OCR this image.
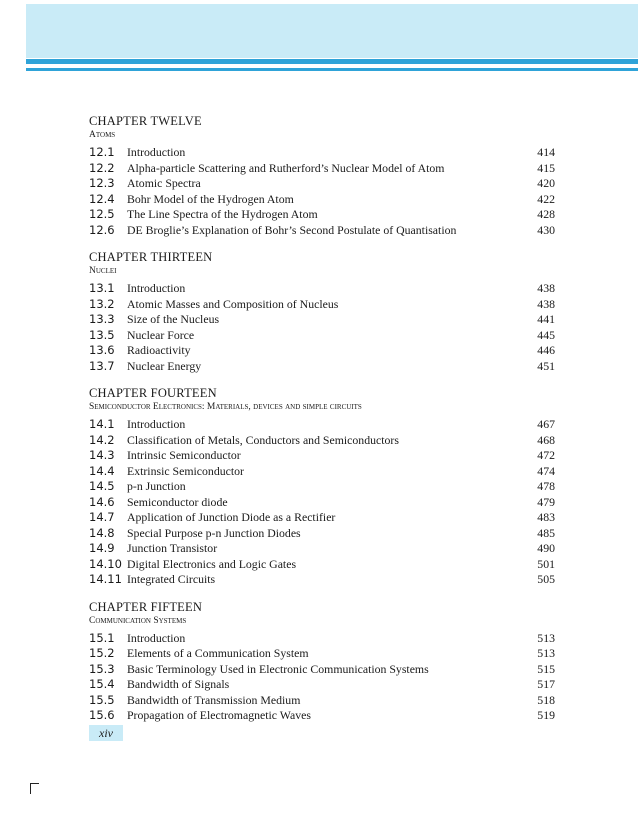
CHAPTER TWELVE
Atoms
12.1	Introduction	414
12.2	Alpha-particle Scattering and Rutherford’s Nuclear Model of Atom	415
12.3	Atomic Spectra	420
12.4	Bohr Model of the Hydrogen Atom	422
12.5	The Line Spectra of the Hydrogen Atom	428
12.6	DE Broglie’s Explanation of Bohr’s Second Postulate of Quantisation	430
CHAPTER THIRTEEN
Nuclei
13.1	Introduction	438
13.2	Atomic Masses and Composition of Nucleus	438
13.3	Size of the Nucleus	441
13.5	Nuclear Force	445
13.6	Radioactivity	446
13.7	Nuclear Energy	451
CHAPTER FOURTEEN
Semiconductor Electronics: Materials, devices and simple circuits
14.1	Introduction	467
14.2	Classification of Metals, Conductors and Semiconductors	468
14.3	Intrinsic Semiconductor	472
14.4	Extrinsic Semiconductor	474
14.5	p-n Junction	478
14.6	Semiconductor diode	479
14.7	Application of Junction Diode as a Rectifier	483
14.8	Special Purpose p-n Junction Diodes	485
14.9	Junction Transistor	490
14.10 Digital Electronics and Logic Gates	501
14.11 Integrated Circuits	505
CHAPTER FIFTEEN
Communication Systems
15.1	Introduction	513
15.2	Elements of a Communication System	513
15.3	Basic Terminology Used in Electronic Communication Systems	515
15.4	Bandwidth of Signals	517
15.5	Bandwidth of Transmission Medium	518
15.6	Propagation of Electromagnetic Waves	519
xiv
